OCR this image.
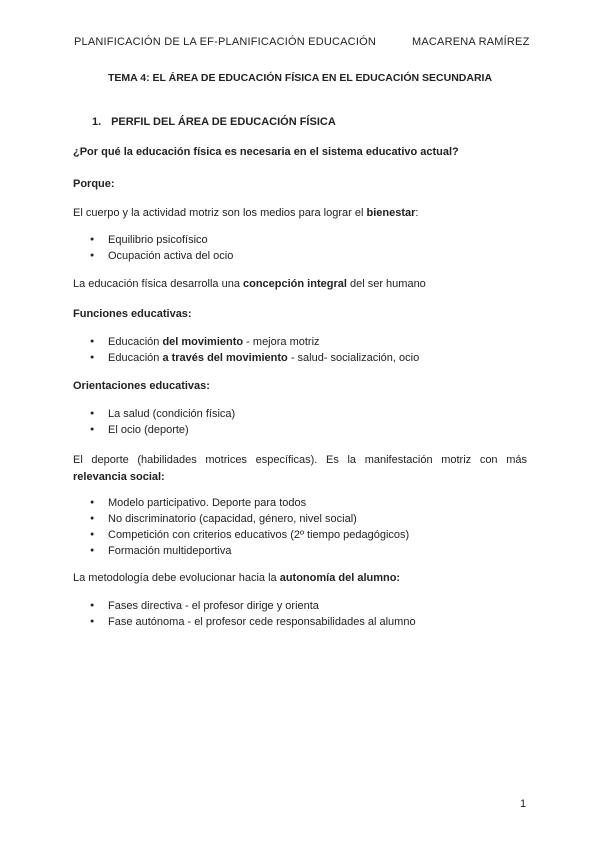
PLANIFICACIÓN DE LA EF-PLANIFICACIÓN EDUCACIÓN	MACARENA RAMÍREZ
TEMA 4: EL ÁREA DE EDUCACIÓN FÍSICA EN EL EDUCACIÓN SECUNDARIA
1. PERFIL DEL ÁREA DE EDUCACIÓN FÍSICA
¿Por qué la educación física es necesaria en el sistema educativo actual?
Porque:
El cuerpo y la actividad motriz son los medios para lograr el bienestar:
● Equilibrio psicofísico
● Ocupación activa del ocio
La educación física desarrolla una concepción integral del ser humano
Funciones educativas:
● Educación del movimiento - mejora motriz
● Educación a través del movimiento - salud- socialización, ocio
Orientaciones educativas:
● La salud (condición física)
● El ocio (deporte)
El deporte (habilidades motrices específicas). Es la manifestación motriz con más
relevancia social:
● Modelo participativo. Deporte para todos
● No discriminatorio (capacidad, género, nivel social)
● Competición con criterios educativos (2º tiempo pedagógicos)
● Formación multideportiva
La metodología debe evolucionar hacia la autonomía del alumno:
● Fases directiva - el profesor dirige y orienta
● Fase autónoma - el profesor cede responsabilidades al alumno
1
